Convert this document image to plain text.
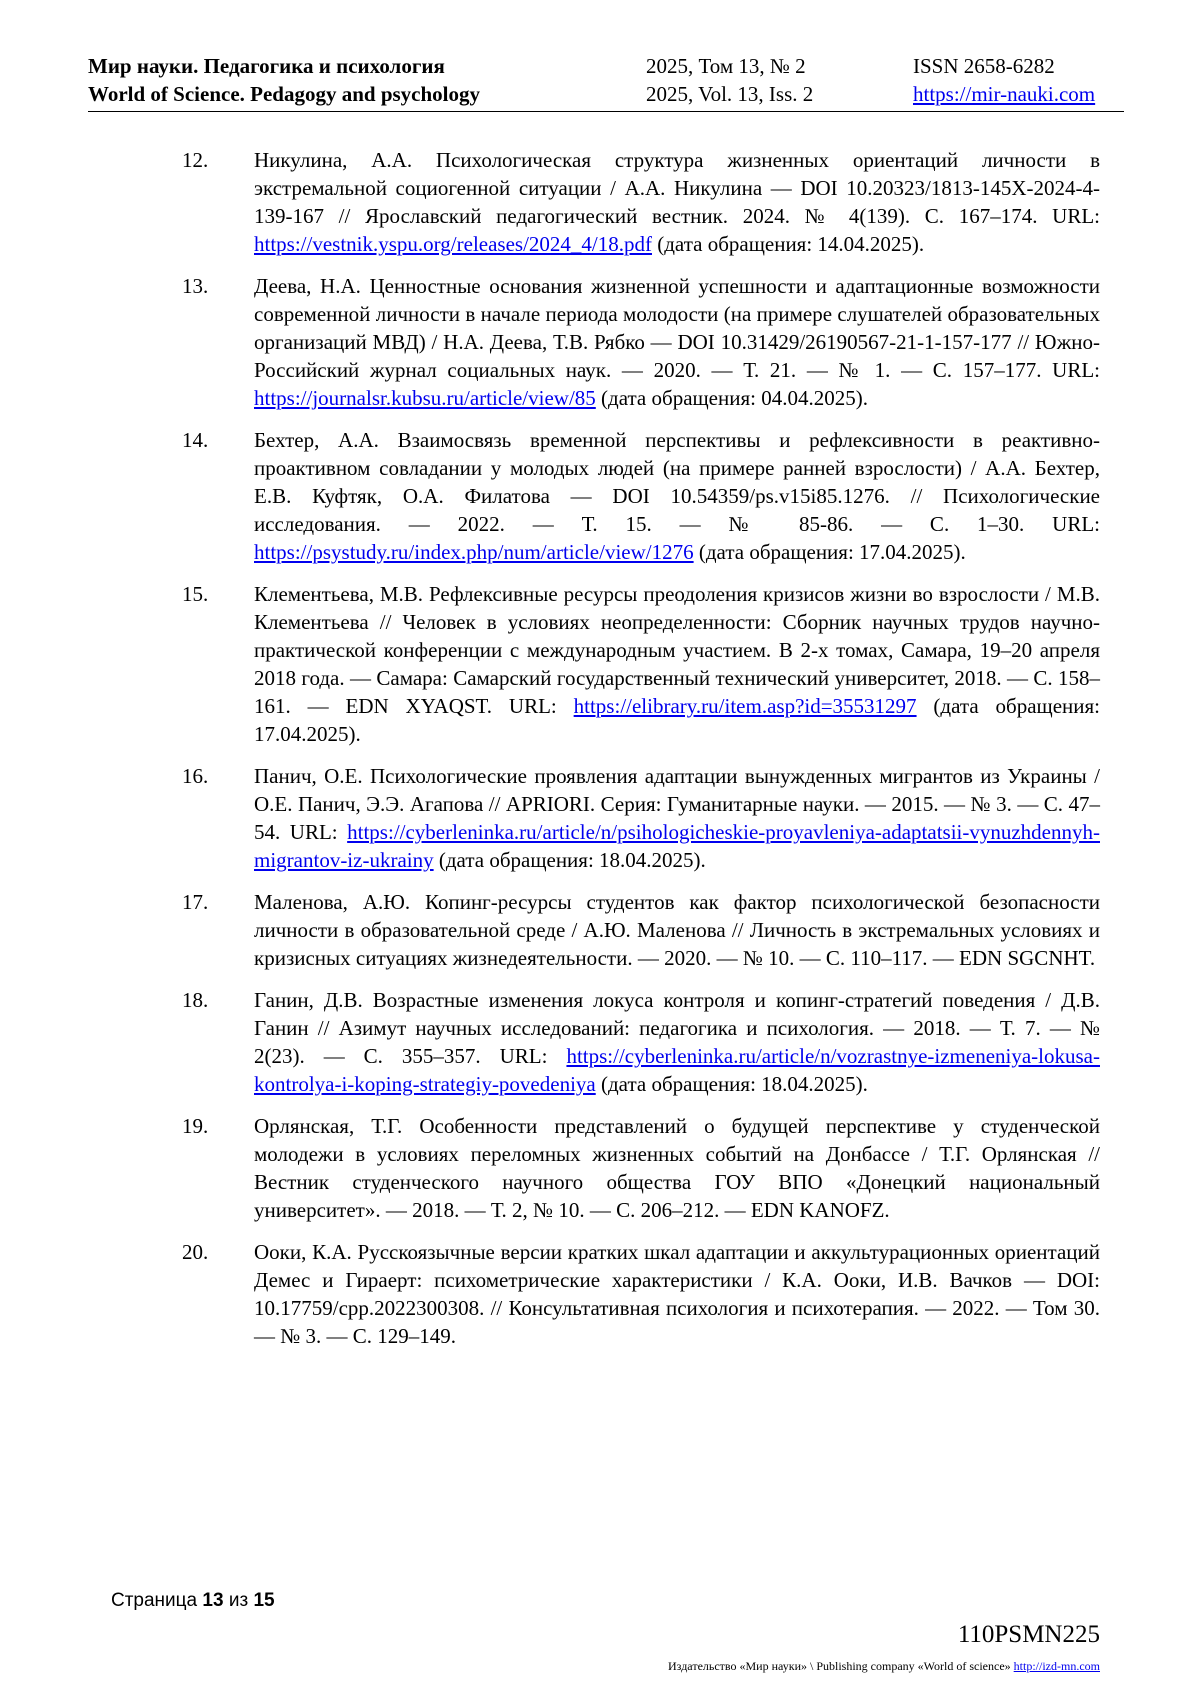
Мир науки. Педагогика и психология
World of Science. Pedagogy and psychology
2025, Том 13, № 2
2025, Vol. 13, Iss. 2
ISSN 2658-6282
https://mir-nauki.com
12.	Никулина, А.А. Психологическая структура жизненных ориентаций личности в экстремальной социогенной ситуации / А.А. Никулина — DOI 10.20323/1813-145X-2024-4-139-167 // Ярославский педагогический вестник. 2024. № 4(139). С. 167–174. URL: https://vestnik.yspu.org/releases/2024_4/18.pdf (дата обращения: 14.04.2025).
13.	Деева, Н.А. Ценностные основания жизненной успешности и адаптационные возможности современной личности в начале периода молодости (на примере слушателей образовательных организаций МВД) / Н.А. Деева, Т.В. Рябко — DOI 10.31429/26190567-21-1-157-177 // Южно-Российский журнал социальных наук. — 2020. — Т. 21. — № 1. — С. 157–177. URL: https://journalsr.kubsu.ru/article/view/85 (дата обращения: 04.04.2025).
14.	Бехтер, А.А. Взаимосвязь временной перспективы и рефлексивности в реактивно-проактивном совладании у молодых людей (на примере ранней взрослости) / А.А. Бехтер, Е.В. Куфтяк, О.А. Филатова — DOI 10.54359/ps.v15i85.1276. // Психологические исследования. — 2022. — Т. 15. — № 85-86. — С. 1–30. URL: https://psystudy.ru/index.php/num/article/view/1276 (дата обращения: 17.04.2025).
15.	Клементьева, М.В. Рефлексивные ресурсы преодоления кризисов жизни во взрослости / М.В. Клементьева // Человек в условиях неопределенности: Сборник научных трудов научно-практической конференции с международным участием. В 2-х томах, Самара, 19–20 апреля 2018 года. — Самара: Самарский государственный технический университет, 2018. — С. 158–161. — EDN XYAQST. URL: https://elibrary.ru/item.asp?id=35531297 (дата обращения: 17.04.2025).
16.	Панич, О.Е. Психологические проявления адаптации вынужденных мигрантов из Украины / О.Е. Панич, Э.Э. Агапова // APRIORI. Серия: Гуманитарные науки. — 2015. — № 3. — С. 47–54. URL: https://cyberleninka.ru/article/n/psihologicheskie-proyavleniya-adaptatsii-vynuzhdennyh-migrantov-iz-ukrainy (дата обращения: 18.04.2025).
17.	Маленова, А.Ю. Копинг-ресурсы студентов как фактор психологической безопасности личности в образовательной среде / А.Ю. Маленова // Личность в экстремальных условиях и кризисных ситуациях жизнедеятельности. — 2020. — № 10. — С. 110–117. — EDN SGCNHT.
18.	Ганин, Д.В. Возрастные изменения локуса контроля и копинг-стратегий поведения / Д.В. Ганин // Азимут научных исследований: педагогика и психология. — 2018. — Т. 7. — № 2(23). — С. 355–357. URL: https://cyberleninka.ru/article/n/vozrastnye-izmeneniya-lokusa-kontrolya-i-koping-strategiy-povedeniya (дата обращения: 18.04.2025).
19.	Орлянская, Т.Г. Особенности представлений о будущей перспективе у студенческой молодежи в условиях переломных жизненных событий на Донбассе / Т.Г. Орлянская // Вестник студенческого научного общества ГОУ ВПО «Донецкий национальный университет». — 2018. — Т. 2, № 10. — С. 206–212. — EDN KANOFZ.
20.	Ооки, К.А. Русскоязычные версии кратких шкал адаптации и аккультурационных ориентаций Демес и Гираерт: психометрические характеристики / К.А. Ооки, И.В. Вачков — DOI: 10.17759/cpp.2022300308. // Консультативная психология и психотерапия. — 2022. — Том 30. — № 3. — С. 129–149.
Страница 13 из 15
110PSMN225
Издательство «Мир науки» \ Publishing company «World of science» http://izd-mn.com
